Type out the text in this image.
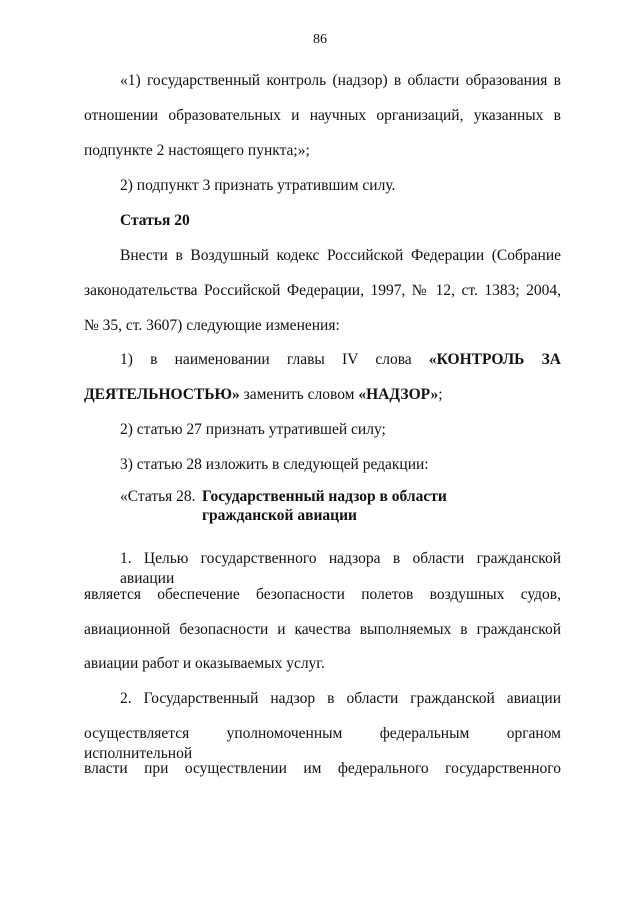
86
«1) государственный контроль (надзор) в области образования в
отношении образовательных и научных организаций, указанных в
подпункте 2 настоящего пункта;»;
2) подпункт 3 признать утратившим силу.
Статья 20
Внести в Воздушный кодекс Российской Федерации (Собрание
законодательства Российской Федерации, 1997, № 12, ст. 1383; 2004,
№ 35, ст. 3607) следующие изменения:
1) в наименовании главы IV слова «КОНТРОЛЬ ЗА
ДЕЯТЕЛЬНОСТЬЮ» заменить словом «НАДЗОР»;
2) статью 27 признать утратившей силу;
3) статью 28 изложить в следующей редакции:
«Статья 28. Государственный надзор в области
гражданской авиации
1. Целью государственного надзора в области гражданской авиации
является обеспечение безопасности полетов воздушных судов,
авиационной безопасности и качества выполняемых в гражданской
авиации работ и оказываемых услуг.
2. Государственный надзор в области гражданской авиации
осуществляется уполномоченным федеральным органом исполнительной
власти при осуществлении им федерального государственного
